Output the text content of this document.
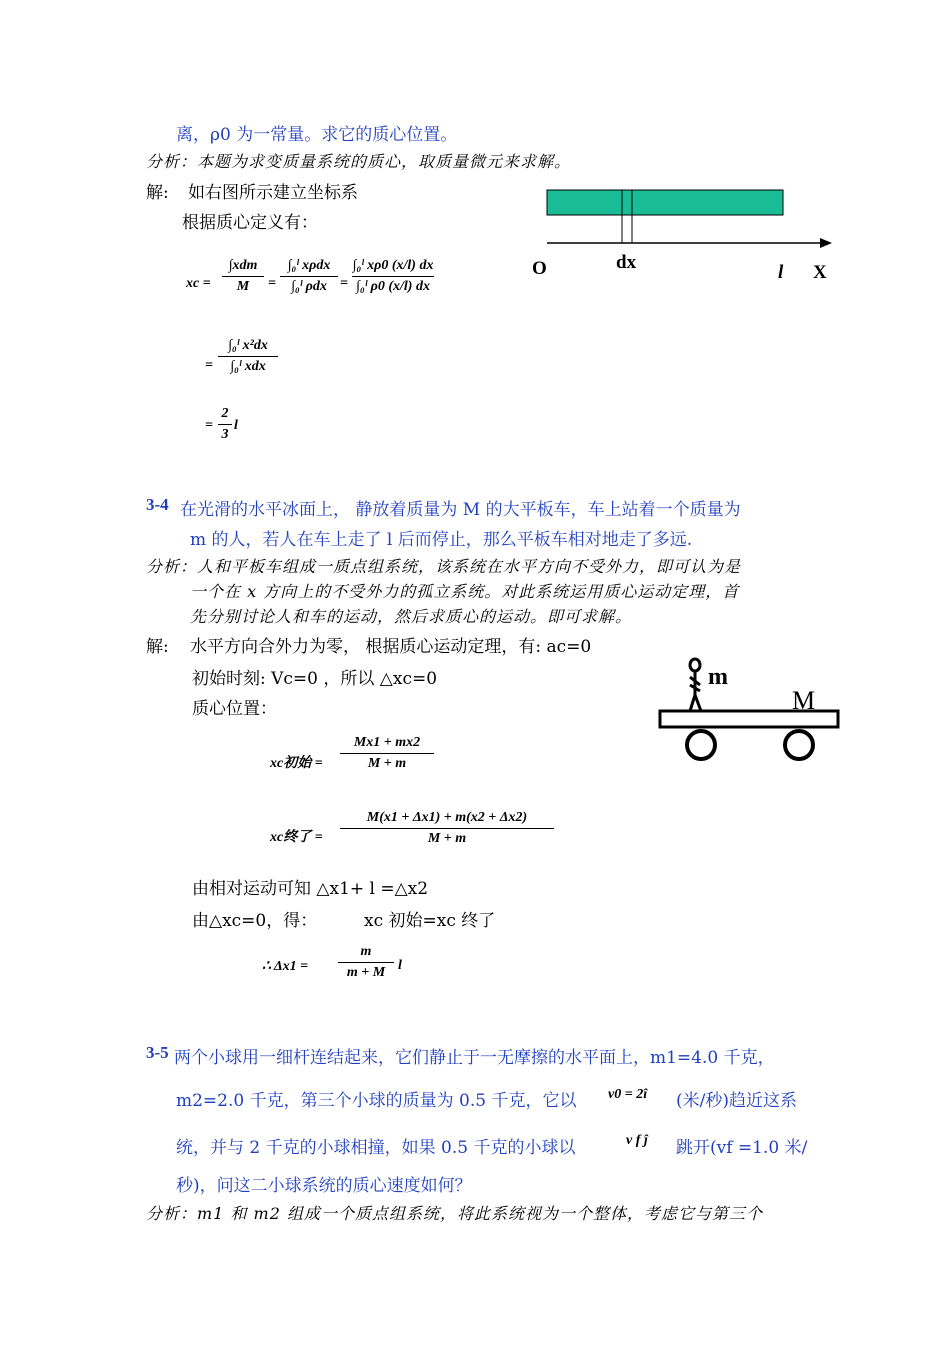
离，ρ0 为一常量。求它的质心位置。
分析：本题为求变质量系统的质心，取质量微元来求解。
解: 如右图所示建立坐标系
根据质心定义有：
O	dx	l X
xc =
∫xdm
M	=
∫₀ˡ xρdx
∫₀ˡ ρdx =
∫₀ˡ xρ0 (x/l) dx
∫₀ˡ ρ0 (x/l) dx
=
∫₀ˡ x²dx
∫₀ˡ xdx
=
2
3
l
3-4 在光滑的水平冰面上， 静放着质量为 M 的大平板车，车上站着一个质量为
m 的人，若人在车上走了 l 后而停止，那么平板车相对地走了多远.
分析：人和平板车组成一质点组系统，该系统在水平方向不受外力，即可认为是
一个在 x 方向上的不受外力的孤立系统。对此系统运用质心运动定理，首
先分别讨论人和车的运动，然后求质心的运动。即可求解。
解: 水平方向合外力为零， 根据质心运动定理，有: ac=0
初始时刻: Vc=0 ，所以 △xc=0
质心位置：
m
M
xc初始 =
Mx1 + mx2
M + m
xc终了 =
M(x1 + Δx1) + m(x2 + Δx2)
M + m
由相对运动可知 △x1+ l =△x2
由△xc=0，得：	xc 初始=xc 终了
∴ Δx1 =
m
m + M l
3-5 两个小球用一细杆连结起来，它们静止于一无摩擦的水平面上，m1=4.0 千克，
m2=2.0 千克，第三个小球的质量为 0.5 千克，它以 v0 = 2î (米/秒)趋近这系
统，并与 2 千克的小球相撞，如果 0.5 千克的小球以	v f ĵ 跳开(vf =1.0 米/
秒)，问这二小球系统的质心速度如何？
分析：m1 和 m2 组成一个质点组系统，将此系统视为一个整体，考虑它与第三个
